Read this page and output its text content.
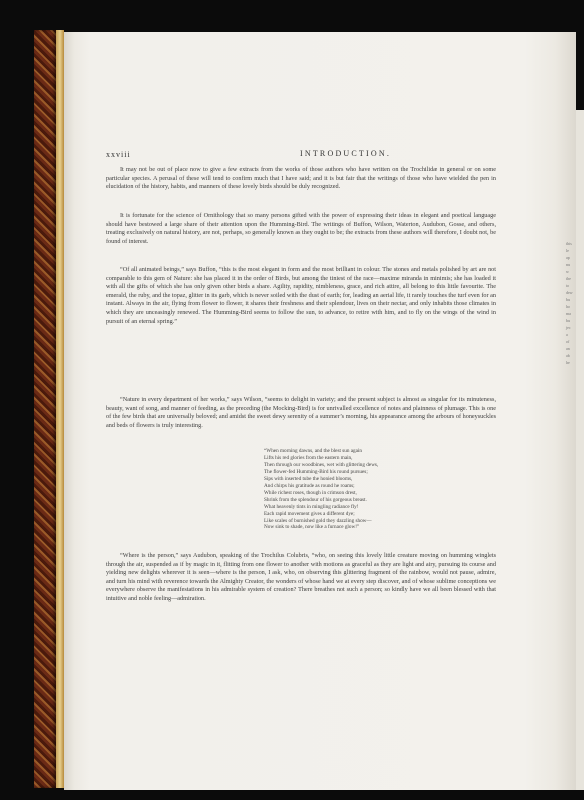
this
le
ap
nu
w
the
to
dew
bu
ho
ma
bu
jec
a
of
an
ab
he
xxviii	INTRODUCTION.
It may not be out of place now to give a few extracts from the works of those authors who have written on the Trochilidæ in general or on some particular species. A perusal of these will tend to confirm much that I have said; and it is but fair that the writings of those who have wielded the pen in elucidation of the history, habits, and manners of these lovely birds should be duly recognized.
It is fortunate for the science of Ornithology that so many persons gifted with the power of expressing their ideas in elegant and poetical language should have bestowed a large share of their attention upon the Humming-Bird. The writings of Buffon, Wilson, Waterton, Audubon, Gosse, and others, treating exclusively on natural history, are not, perhaps, so generally known as they ought to be; the extracts from these authors will therefore, I doubt not, be found of interest.
“Of all animated beings,” says Buffon, “this is the most elegant in form and the most brilliant in colour. The stones and metals polished by art are not comparable to this gem of Nature: she has placed it in the order of Birds, but among the tiniest of the race—maxime miranda in minimis; she has loaded it with all the gifts of which she has only given other birds a share. Agility, rapidity, nimbleness, grace, and rich attire, all belong to this little favourite. The emerald, the ruby, and the topaz, glitter in its garb, which is never soiled with the dust of earth; for, leading an aerial life, it rarely touches the turf even for an instant. Always in the air, flying from flower to flower, it shares their freshness and their splendour, lives on their nectar, and only inhabits those climates in which they are unceasingly renewed. The Humming-Bird seems to follow the sun, to advance, to retire with him, and to fly on the wings of the wind in pursuit of an eternal spring.”
“Nature in every department of her works,” says Wilson, “seems to delight in variety; and the present subject is almost as singular for its minuteness, beauty, want of song, and manner of feeding, as the preceding (the Mocking-Bird) is for unrivalled excellence of notes and plainness of plumage. This is one of the few birds that are universally beloved; and amidst the sweet dewy serenity of a summer’s morning, his appearance among the arbours of honeysuckles and beds of flowers is truly interesting.
“When morning dawns, and the blest sun again
Lifts his red glories from the eastern main,
Then through our woodbines, wet with glittering dews,
The flower-fed Humming-Bird his round pursues;
Sips with inserted tube the honied blooms,
And chirps his gratitude as round he roams;
While richest roses, though in crimson drest,
Shrink from the splendour of his gorgeous breast.
What heavenly tints in mingling radiance fly!
Each rapid movement gives a different dye;
Like scales of burnished gold they dazzling show—
Now sink to shade, now like a furnace glow!”
“Where is the person,” says Audubon, speaking of the Trochilus Colubris, “who, on seeing this lovely little creature moving on humming winglets through the air, suspended as if by magic in it, flitting from one flower to another with motions as graceful as they are light and airy, pursuing its course and yielding new delights wherever it is seen—where is the person, I ask, who, on observing this glittering fragment of the rainbow, would not pause, admire, and turn his mind with reverence towards the Almighty Creator, the wonders of whose hand we at every step discover, and of whose sublime conceptions we everywhere observe the manifestations in his admirable system of creation? There breathes not such a person; so kindly have we all been blessed with that intuitive and noble feeling—admiration.
